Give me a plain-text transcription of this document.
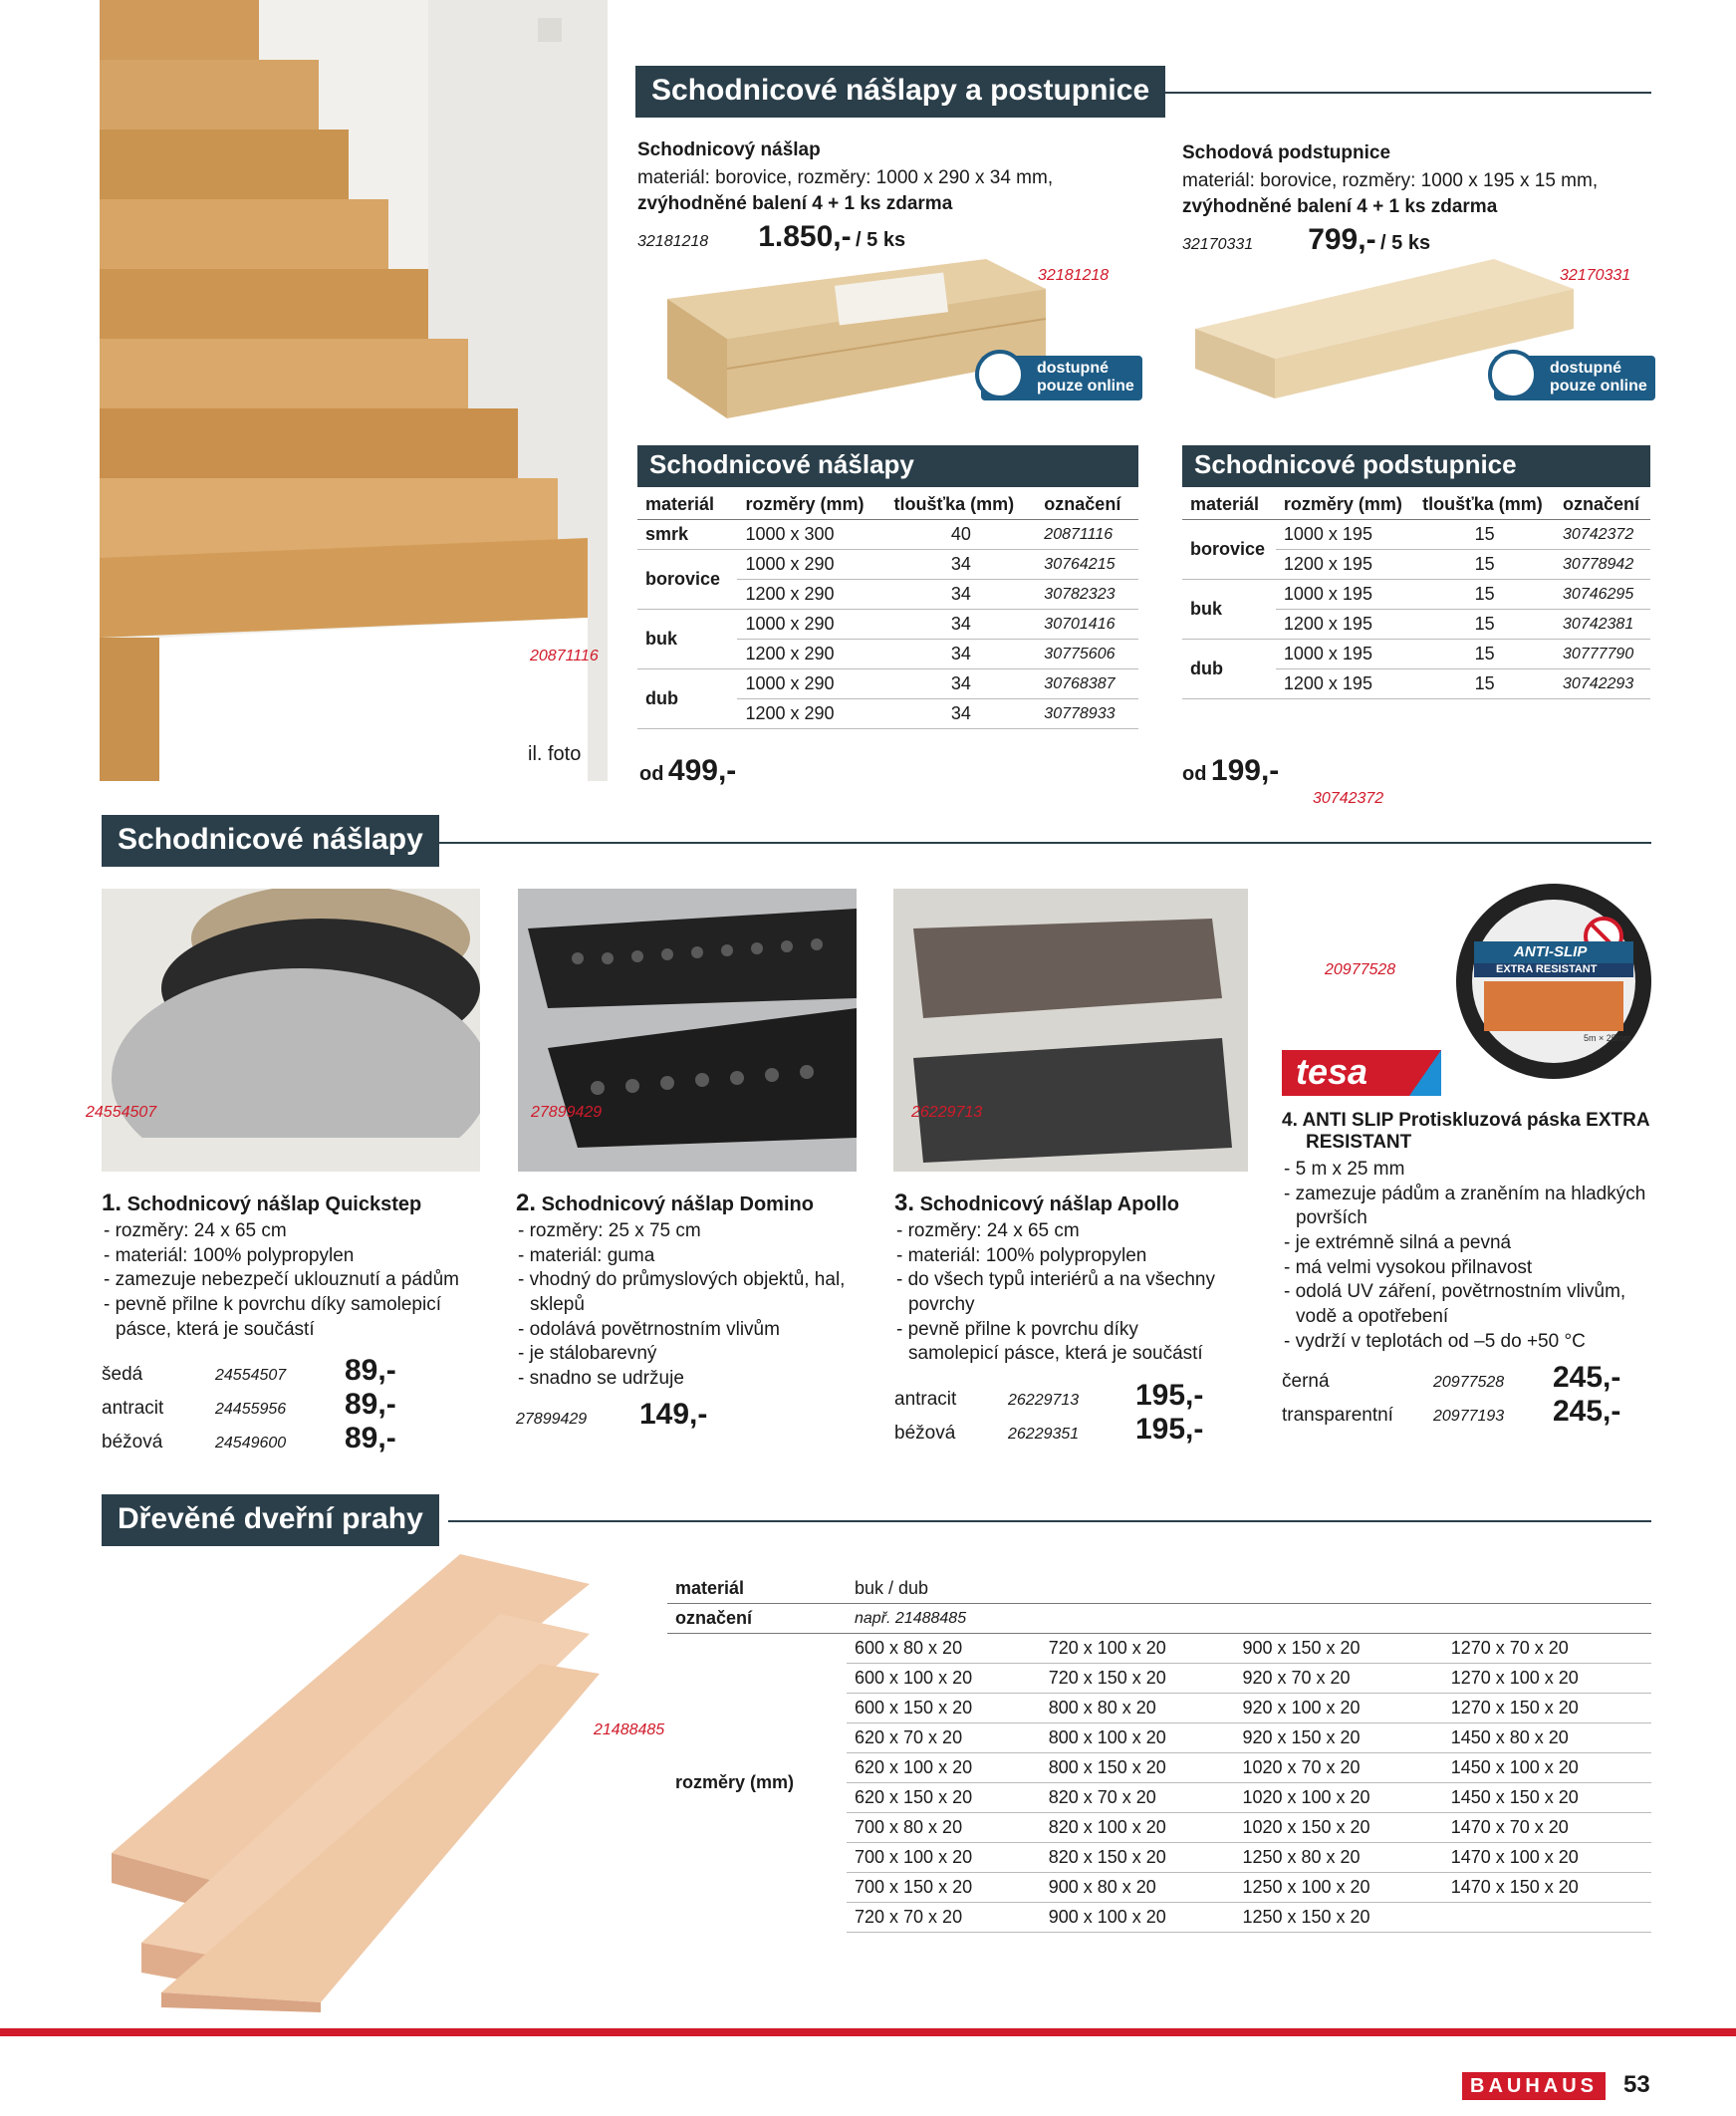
20871116
il. foto
Schodnicové nášlapy a postupnice
Schodnicový nášlap
materiál: borovice, rozměry: 1000 x 290 x 34 mm,
zvýhodněné balení 4 + 1 ks zdarma
32181218 1.850,- / 5 ks
32181218
dostupné
pouze online
Schodová podstupnice
materiál: borovice, rozměry: 1000 x 195 x 15 mm,
zvýhodněné balení 4 + 1 ks zdarma
32170331 799,- / 5 ks
32170331
dostupné
pouze online
Schodnicové nášlapy
materiál	rozměry (mm)	tloušťka (mm)	označení
smrk	1000 x 300	40	20871116
borovice	1000 x 290	34	30764215
	1200 x 290	34	30782323
buk	1000 x 290	34	30701416
	1200 x 290	34	30775606
dub	1000 x 290	34	30768387
	1200 x 290	34	30778933
od 499,-
Schodnicové podstupnice
materiál	rozměry (mm)	tloušťka (mm)	označení
borovice	1000 x 195	15	30742372
	1200 x 195	15	30778942
buk	1000 x 195	15	30746295
	1200 x 195	15	30742381
dub	1000 x 195	15	30777790
	1200 x 195	15	30742293
od 199,-
30742372
Schodnicové nášlapy
24554507	27899429	26229713
20977528
ANTI-SLIP
EXTRA RESISTANT
5m × 25mm
tesa
1. Schodnicový nášlap Quickstep
- rozměry: 24 x 65 cm
- materiál: 100% polypropylen
- zamezuje nebezpečí uklouznutí a pádům
- pevně přilne k povrchu díky samolepicí pásce, která je součástí
šedá	24554507	89,-
antracit	24455956	89,-
béžová	24549600	89,-
2. Schodnicový nášlap Domino
- rozměry: 25 x 75 cm
- materiál: guma
- vhodný do průmyslových objektů, hal, sklepů
- odolává povětrnostním vlivům
- je stálobarevný
- snadno se udržuje
27899429	149,-
3. Schodnicový nášlap Apollo
- rozměry: 24 x 65 cm
- materiál: 100% polypropylen
- do všech typů interiérů a na všechny povrchy
- pevně přilne k povrchu díky samolepicí pásce, která je součástí
antracit	26229713	195,-
béžová	26229351	195,-
4. ANTI SLIP Protiskluzová páska EXTRA RESISTANT
- 5 m x 25 mm
- zamezuje pádům a zraněním na hladkých površích
- je extrémně silná a pevná
- má velmi vysokou přilnavost
- odolá UV záření, povětrnostním vlivům, vodě a opotřebení
- vydrží v teplotách od –5 do +50 °C
černá	20977528	245,-
transparentní	20977193	245,-
Dřevěné dveřní prahy
21488485
materiál	buk / dub			
označení	např. 21488485			
rozměry (mm)	600 x 80 x 20	720 x 100 x 20	900 x 150 x 20	1270 x 70 x 20
	600 x 100 x 20	720 x 150 x 20	920 x 70 x 20	1270 x 100 x 20
	600 x 150 x 20	800 x 80 x 20	920 x 100 x 20	1270 x 150 x 20
	620 x 70 x 20	800 x 100 x 20	920 x 150 x 20	1450 x 80 x 20
	620 x 100 x 20	800 x 150 x 20	1020 x 70 x 20	1450 x 100 x 20
	620 x 150 x 20	820 x 70 x 20	1020 x 100 x 20	1450 x 150 x 20
	700 x 80 x 20	820 x 100 x 20	1020 x 150 x 20	1470 x 70 x 20
	700 x 100 x 20	820 x 150 x 20	1250 x 80 x 20	1470 x 100 x 20
	700 x 150 x 20	900 x 80 x 20	1250 x 100 x 20	1470 x 150 x 20
	720 x 70 x 20	900 x 100 x 20	1250 x 150 x 20	
BAUHAUS	53
